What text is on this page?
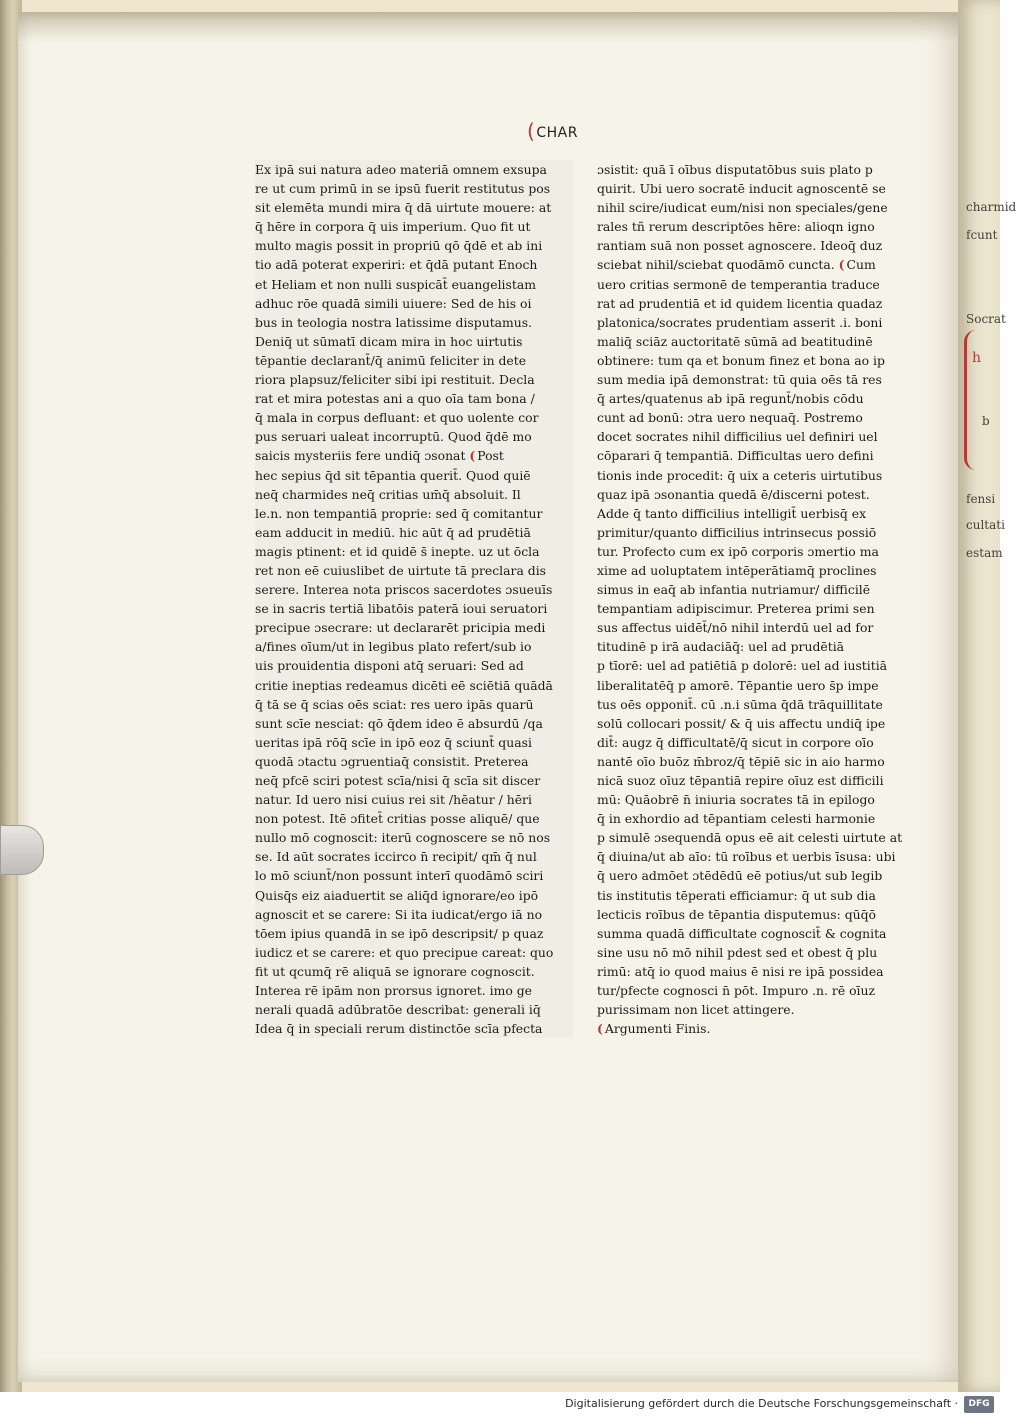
charmid
fcunt
Socrat
h
b
fensi
cultati
estam
(CHAR
Ex ipā sui natura adeo materiā omnem exsupa
re ut cum primū in se ipsū fuerit restitutus pos
sit elemēta mundi mira q̄ dā uirtute mouere: at
q̄ hēre in corpora q̄ uis imperium. Quo fit ut
multo magis possit in propriū qō q̄dē et ab ini
tio adā poterat experiri: et q̄dā putant Enoch
et Heliam et non nulli suspicāt̄ euangelistam
adhuc rōe quadā simili uiuere: Sed de his oi
bus in teologia nostra latissime disputamus.
Deniq̄ ut sūmatī dicam mira in hoc uirtutis
tēpantie declarant̄/q̄ animū feliciter in dete
riora plapsuz/feliciter sibi ipi restituit. Decla
rat et mira potestas ani a quo oīa tam bona /
q̄ mala in corpus defluant: et quo uolente cor
pus seruari ualeat incorruptū. Quod q̄dē mo
saicis mysteriis fere undiq̄ ɔsonat ( Post
hec sepius q̄d sit tēpantia querit̄. Quod quiē
neq̄ charmides neq̄ critias um̄q̄ absoluit. Il
le.n. non tempantiā proprie: sed q̄ comitantur
eam adducit in mediū. hic aūt q̄ ad prudētiā
magis ptinent: et id quidē s̄ inepte. uz ut ōcla
ret non eē cuiuslibet de uirtute tā preclara dis
serere. Interea nota priscos sacerdotes ɔsueuīs
se in sacris tertiā libatōis paterā ioui seruatori
precipue ɔsecrare: ut declararēt pricipia medi
a/fines oīum/ut in legibus plato refert/sub io
uis prouidentia disponi atq̄ seruari: Sed ad
critie ineptias redeamus dicēti eē sciētiā quādā
q̄ tā se q̄ scias oēs sciat: res uero ipās quarū
sunt scīe nesciat: qō q̄dem ideo ē absurdū /qa
ueritas ipā rōq̄ scīe in ipō eoz q̄ sciunt̄ quasi
quodā ɔtactu ɔgruentiaq̄ consistit. Preterea
neq̄ pfcē sciri potest scīa/nisi q̄ scīa sit discer
natur. Id uero nisi cuius rei sit /hēatur / hēri
non potest. Itē ɔfitet̄ critias posse aliquē/ que
nullo mō cognoscit: iterū cognoscere se nō nos
se. Id aūt socrates iccirco n̄ recipit/ qm̄ q̄ nul
lo mō sciunt̄/non possunt interī quodāmō sciri
Quisq̄s eiz aiaduertit se aliq̄d ignorare/eo ipō
agnoscit et se carere: Si ita iudicat/ergo iā no
tōem ipius quandā in se ipō descripsit/ p quaz
iudicz et se carere: et quo precipue careat: quo
fit ut qcumq̄ rē aliquā se ignorare cognoscit.
Interea rē ipām non prorsus ignoret. imo ge
nerali quadā adūbratōe describat: generali iq̄
Idea q̄ in speciali rerum distinctōe scīa pfecta
ɔsistit: quā ī oībus disputatōbus suis plato p
quirit. Ubi uero socratē inducit agnoscentē se
nihil scire/iudicat eum/nisi non speciales/gene
rales tñ rerum descriptōes hēre: alioqn igno
rantiam suā non posset agnoscere. Ideoq̄ duz
sciebat nihil/sciebat quodāmō cuncta. ( Cum
uero critias sermonē de temperantia traduce
rat ad prudentiā et id quidem licentia quadaz
platonica/socrates prudentiam asserit .i. boni
maliq̄ sciāz auctoritatē sūmā ad beatitudinē
obtinere: tum qa et bonum finez et bona ao ip
sum media ipā demonstrat: tū quia oēs tā res
q̄ artes/quatenus ab ipā regunt̄/nobis cōdu
cunt ad bonū: ɔtra uero nequaq̄. Postremo
docet socrates nihil difficilius uel definiri uel
cōparari q̄ tempantiā. Difficultas uero defini
tionis inde procedit: q̄ uix a ceteris uirtutibus
quaz ipā ɔsonantia quedā ē/discerni potest.
Adde q̄ tanto difficilius intelligit̄ uerbisq̄ ex
primitur/quanto difficilius intrinsecus possiō
tur. Profecto cum ex ipō corporis ɔmertio ma
xime ad uoluptatem intēperātiamq̄ proclines
simus in eaq̄ ab infantia nutriamur/ difficilē
tempantiam adipiscimur. Preterea primi sen
sus affectus uidēt̄/nō nihil interdū uel ad for
titudinē p irā audaciāq̄: uel ad prudētiā
p tīorē: uel ad patiētiā p dolorē: uel ad iustitiā
liberalitatēq̄ p amorē. Tēpantie uero s̄p impe
tus oēs opponit̄. cū .n.i sūma q̄dā trāquillitate
solū collocari possit/ & q̄ uis affectu undiq̄ ipe
dit̄: augz q̄ difficultatē/q̄ sicut in corpore oīo
nantē oīo buōz m̄broz/q̄ tēpiē sic in aio harmo
nicā suoz oīuz tēpantiā repire oīuz est difficili
mū: Quāobrē n̄ iniuria socrates tā in epilogo
q̄ in exhordio ad tēpantiam celesti harmonie
p simulē ɔsequendā opus eē ait celesti uirtute at
q̄ diuina/ut ab aīo: tū roībus et uerbis īsusa: ubi
q̄ uero admōet ɔtēdēdū eē potius/ut sub legib
tis institutis tēperati efficiamur: q̄ ut sub dia
lecticis roībus de tēpantia disputemus: qūq̄ō
summa quadā difficultate cognoscit̄ & cognita
sine usu nō mō nihil pdest sed et obest q̄ plu
rimū: atq̄ io quod maius ē nisi re ipā possidea
tur/pfecte cognosci n̄ pōt. Impuro .n. rē oīuz
purissimam non licet attingere.
( Argumenti Finis.
Digitalisierung gefördert durch die Deutsche Forschungsgemeinschaft ·	DFG
